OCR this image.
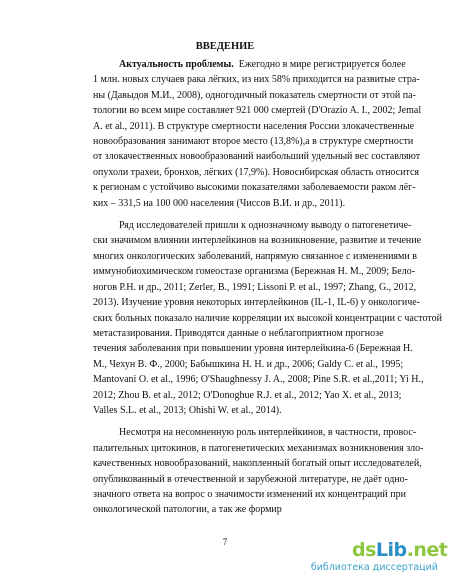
ВВЕДЕНИЕ

Актуальность проблемы. Ежегодно в мире регистрируется более
1 млн. новых случаев рака лёгких, из них 58% приходится на развитые стра-
ны (Давыдов М.И., 2008), одногодичный показатель смертности от этой па-
тологии во всем мире составляет 921 000 смертей (D'Orazio A. I., 2002; Jemal
A. et al., 2011). В структуре смертности населения России злокачественные
новообразования занимают второе место (13,8%),а в структуре смертности
от злокачественных новообразований наибольший удельный вес составляют
опухоли трахеи, бронхов, лёгких (17,9%). Новосибирская область относится
к регионам с устойчиво высокими показателями заболеваемости раком лёг-
ких – 331,5 на 100 000 населения (Чиссов В.И. и др., 2011).

Ряд исследователей пришли к однозначному выводу о патогенетиче-
ски значимом влиянии интерлейкинов на возникновение, развитие и течение
многих онкологических заболеваний, напрямую связанное с изменениями в
иммунобиохимическом гомеостазе организма (Бережная Н. М., 2009; Бело-
ногов Р.Н. и др., 2011; Zerler, B., 1991; Lissoni P. et al., 1997; Zhang, G., 2012,
2013). Изучение уровня некоторых интерлейкинов (IL-1, IL-6) у онкологиче-
ских больных показало наличие корреляции их высокой концентрации с частотой
метастазирования. Приводятся данные о неблагоприятном прогнозе
течения заболевания при повышении уровня интерлейкина-6 (Бережная Н.
М., Чехун В. Ф., 2000; Бабышкина Н. Н. и др., 2006; Galdy C. et al., 1995;
Mantovani O. et al., 1996; O'Shaughnessy J. A., 2008; Pine S.R. et al.,2011; Yi H.,
2012; Zhou B. et al., 2012; O'Donoghue R.J. et al., 2012; Yao X. et al., 2013;
Valles S.L. et al., 2013; Ohishi W. et al., 2014).

Несмотря на несомненную роль интерлейкинов, в частности, провос-
палительных цитокинов, в патогенетических механизмах возникновения зло-
качественных новообразований, накопленный богатый опыт исследователей,
опубликованный в отечественной и зарубежной литературе, не даёт одно-
значного ответа на вопрос о значимости изменений их концентраций при
онкологической патологии, а так же формир

7	dsLib.net
библиотека диссертаций
